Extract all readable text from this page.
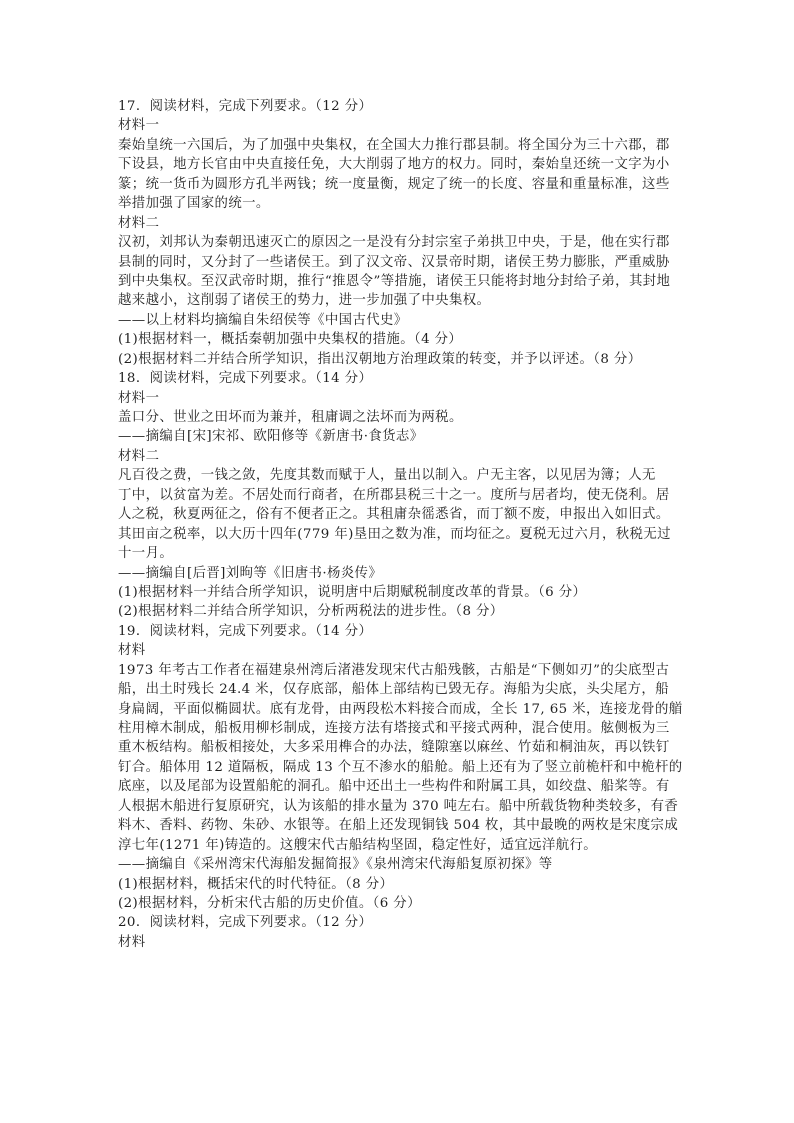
17．阅读材料，完成下列要求。（12 分）
材料一
秦始皇统一六国后，为了加强中央集权，在全国大力推行郡县制。将全国分为三十六郡，郡
下设县，地方长官由中央直接任免，大大削弱了地方的权力。同时，秦始皇还统一文字为小
篆；统一货币为圆形方孔半两钱；统一度量衡，规定了统一的长度、容量和重量标准，这些
举措加强了国家的统一。
材料二
汉初，刘邦认为秦朝迅速灭亡的原因之一是没有分封宗室子弟拱卫中央，于是，他在实行郡
县制的同时，又分封了一些诸侯王。到了汉文帝、汉景帝时期，诸侯王势力膨胀，严重威胁
到中央集权。至汉武帝时期，推行“推恩令”等措施，诸侯王只能将封地分封给子弟，其封地
越来越小，这削弱了诸侯王的势力，进一步加强了中央集权。
——以上材料均摘编自朱绍侯等《中国古代史》
(1)根据材料一，概括秦朝加强中央集权的措施。（4 分）
(2)根据材料二并结合所学知识，指出汉朝地方治理政策的转变，并予以评述。（8 分）
18．阅读材料，完成下列要求。（14 分）
材料一
盖口分、世业之田坏而为兼并，租庸调之法坏而为两税。
——摘编自[宋]宋祁、欧阳修等《新唐书·食货志》
材料二
凡百役之费，一钱之敛，先度其数而赋于人，量出以制入。户无主客，以见居为簿；人无
丁中，以贫富为差。不居处而行商者，在所郡县税三十之一。度所与居者均，使无侥利。居
人之税，秋夏两征之，俗有不便者正之。其租庸杂徭悉省，而丁额不废，申报出入如旧式。
其田亩之税率，以大历十四年(779 年)垦田之数为准，而均征之。夏税无过六月，秋税无过
十一月。
——摘编自[后晋]刘昫等《旧唐书·杨炎传》
(1)根据材料一并结合所学知识，说明唐中后期赋税制度改革的背景。（6 分）
(2)根据材料二并结合所学知识，分析两税法的进步性。（8 分）
19．阅读材料，完成下列要求。（14 分）
材料
1973 年考古工作者在福建泉州湾后渚港发现宋代古船残骸，古船是“下侧如刃”的尖底型古
船，出土时残长 24.4 米，仅存底部，船体上部结构已毁无存。海船为尖底，头尖尾方，船
身扁阔，平面似椭圆状。底有龙骨，由两段松木料接合而成，全长 17, 65 米，连接龙骨的艏
柱用樟木制成，船板用柳杉制成，连接方法有塔接式和平接式两种，混合使用。舷侧板为三
重木板结构。船板相接处，大多采用榫合的办法，缝隙塞以麻丝、竹茹和桐油灰，再以铁钉
钉合。船体用 12 道隔板，隔成 13 个互不渗水的船舱。船上还有为了竖立前桅杆和中桅杆的
底座，以及尾部为设置船舵的洞孔。船中还出土一些构件和附属工具，如绞盘、船桨等。有
人根据木船进行复原研究，认为该船的排水量为 370 吨左右。船中所载货物种类较多，有香
料木、香料、药物、朱砂、水银等。在船上还发现铜钱 504 枚，其中最晚的两枚是宋度宗成
淳七年(1271 年)铸造的。这艘宋代古船结构坚固，稳定性好，适宜远洋航行。
——摘编自《采州湾宋代海船发掘简报》《泉州湾宋代海船复原初探》等
(1)根据材料，概括宋代的时代特征。（8 分）
(2)根据材料，分析宋代古船的历史价值。（6 分）
20．阅读材料，完成下列要求。（12 分）
材料
